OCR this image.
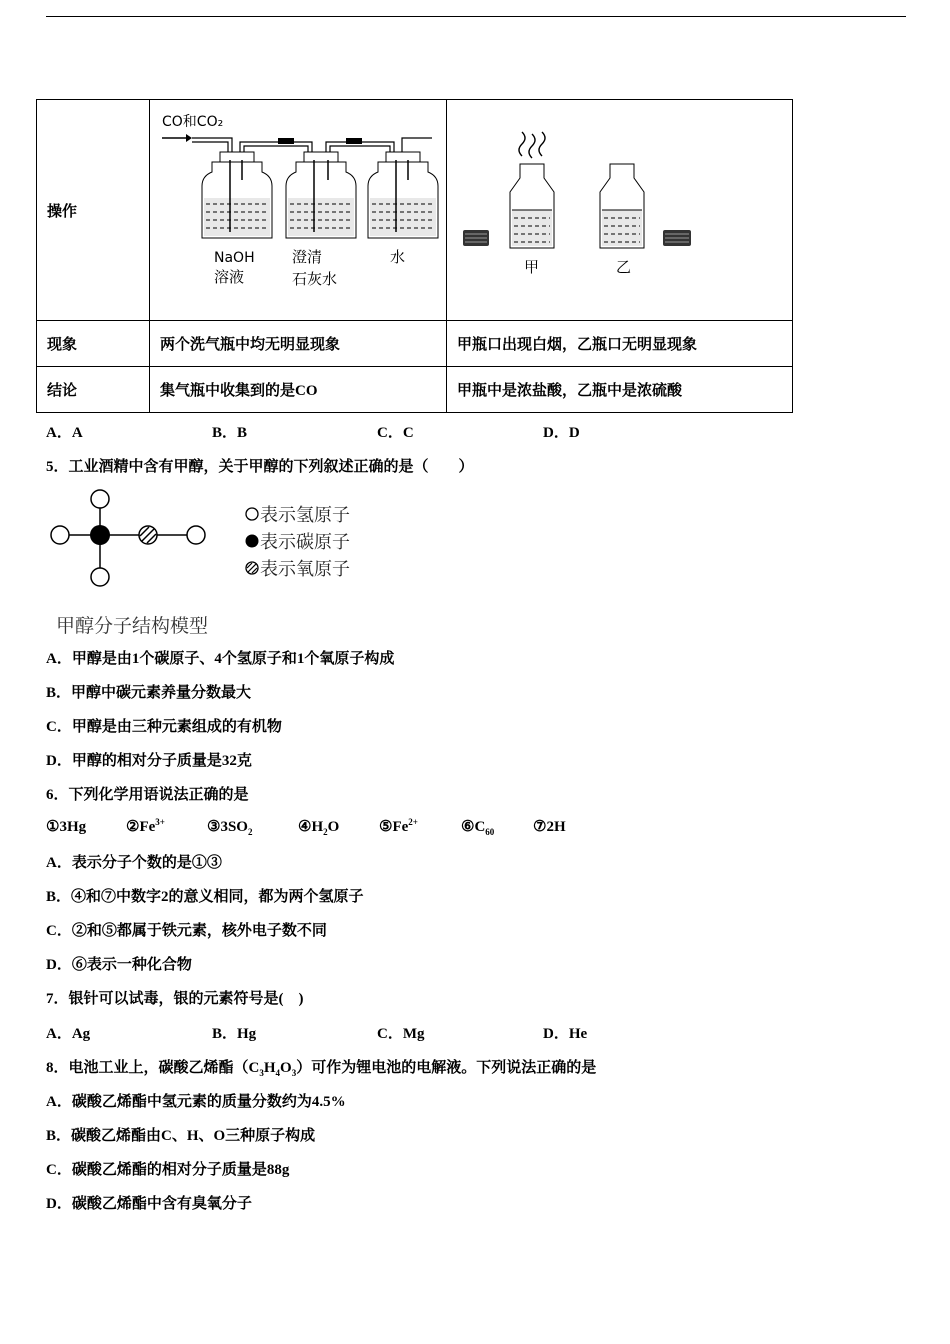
操作		
现象	两个洗气瓶中均无明显现象	甲瓶口出现白烟，乙瓶口无明显现象
结论	集气瓶中收集到的是CO	甲瓶中是浓盐酸，乙瓶中是浓硫酸
CO和CO₂
NaOH
溶液
澄清
石灰水
水
甲	乙
A．A	B．B	C．C	D．D
5．工业酒精中含有甲醇，关于甲醇的下列叙述正确的是（　　）
表示氢原子
表示碳原子
表示氧原子
甲醇分子结构模型
A．甲醇是由1个碳原子、4个氢原子和1个氧原子构成
B．甲醇中碳元素养量分数最大
C．甲醇是由三种元素组成的有机物
D．甲醇的相对分子质量是32克
6．下列化学用语说法正确的是
①3Hg	$②Fe^{3+}$	$③3SO_2$	$④H_2O$	$⑤Fe^{2+}$	$⑥C_{60}$	⑦2H
A．表示分子个数的是①③
B．④和⑦中数字2的意义相同，都为两个氢原子
C．②和⑤都属于铁元素，核外电子数不同
D．⑥表示一种化合物
7．银针可以试毒，银的元素符号是(　)
A．Ag	B．Hg	C．Mg	D．He
8．电池工业上，碳酸乙烯酯$(C_3H_4O_3)$可作为锂电池的电解液。下列说法正确的是
A．碳酸乙烯酯中氢元素的质量分数约为4.5%
B．碳酸乙烯酯由C、H、O三种原子构成
C．碳酸乙烯酯的相对分子质量是88g
D．碳酸乙烯酯中含有臭氧分子
